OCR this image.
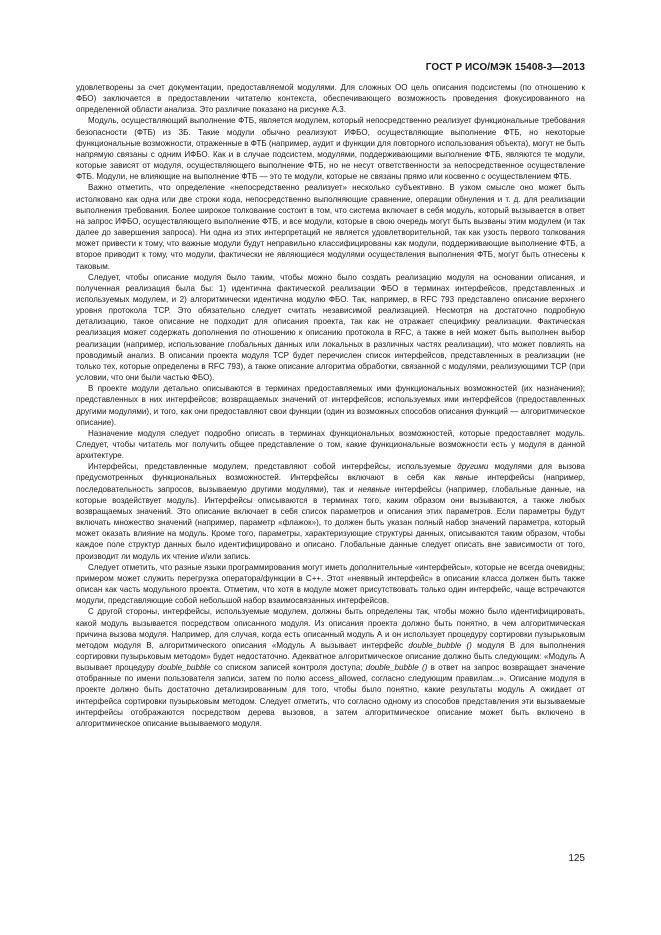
ГОСТ Р ИСО/МЭК 15408-3—2013

удовлетворены за счет документации, предоставляемой модулями. Для сложных ОО цель описания подсистемы (по отношению к ФБО) заключается в предоставлении читателю контекста, обеспечивающего возможность проведения фокусированного на определенной области анализа. Это различие показано на рисунке А.3.

Модуль, осуществляющий выполнение ФТБ, является модулем, который непосредственно реализует функциональные требования безопасности (ФТБ) из ЗБ. Такие модули обычно реализуют ИФБО, осуществляющие выполнение ФТБ, но некоторые функциональные возможности, отраженные в ФТБ (например, аудит и функции для повторного использования объекта), могут не быть напрямую связаны с одним ИФБО. Как и в случае подсистем, модулями, поддерживающими выполнение ФТБ, являются те модули, которые зависят от модуля, осуществляющего выполнение ФТБ, но не несут ответственности за непосредственное осуществление ФТБ. Модули, не влияющие на выполнение ФТБ — это те модули, которые не связаны прямо или косвенно с осуществлением ФТБ.

Важно отметить, что определение «непосредственно реализует» несколько субъективно. В узком смысле оно может быть истолковано как одна или две строки кода, непосредственно выполняющие сравнение, операции обнуления и т. д. для реализации выполнения требования. Более широкое толкование состоит в том, что система включает в себя модуль, который вызывается в ответ на запрос ИФБО, осуществляющего выполнение ФТБ, и все модули, которые в свою очередь могут быть вызваны этим модулем (и так далее до завершения запроса). Ни одна из этих интерпретаций не является удовлетворительной, так как узость первого толкования может привести к тому, что важные модули будут неправильно классифицированы как модули, поддерживающие выполнение ФТБ, а второе приводит к тому, что модули, фактически не являющиеся модулями осуществления выполнения ФТБ, могут быть отнесены к таковым.

Следует, чтобы описание модуля было таким, чтобы можно было создать реализацию модуля на основании описания, и полученная реализация была бы: 1) идентична фактической реализации ФБО в терминах интерфейсов, представленных и используемых модулем, и 2) алгоритмически идентична модулю ФБО. Так, например, в RFC 793 представлено описание верхнего уровня протокола TCP. Это обязательно следует считать независимой реализацией. Несмотря на достаточно подробную детализацию, такое описание не подходит для описания проекта, так как не отражает специфику реализации. Фактическая реализация может содержать дополнения по отношению к описанию протокола в RFC, а также в ней может быть выполнен выбор реализации (например, использование глобальных данных или локальных в различных частях реализации), что может повлиять на проводимый анализ. В описании проекта модуля TCP будет перечислен список интерфейсов, представленных в реализации (не только тех, которые определены в RFC 793), а также описание алгоритма обработки, связанной с модулями, реализующими TCP (при условии, что они были частью ФБО).

В проекте модули детально описываются в терминах предоставляемых ими функциональных возможностей (их назначения); представленных в них интерфейсов; возвращаемых значений от интерфейсов; используемых ими интерфейсов (предоставленных другими модулями), и того, как они предоставляют свои функции (один из возможных способов описания функций — алгоритмическое описание).

Назначение модуля следует подробно описать в терминах функциональных возможностей, которые предоставляет модуль. Следует, чтобы читатель мог получить общее представление о том, какие функциональные возможности есть у модуля в данной архитектуре.

Интерфейсы, представленные модулем, представляют собой интерфейсы, используемые другими модулями для вызова предусмотренных функциональных возможностей. Интерфейсы включают в себя как явные интерфейсы (например, последовательность запросов, вызываемую другими модулями), так и неявные интерфейсы (например, глобальные данные, на которые воздействует модуль). Интерфейсы описываются в терминах того, каким образом они вызываются, а также любых возвращаемых значений. Это описание включает в себя список параметров и описания этих параметров. Если параметры будут включать множество значений (например, параметр «флажок»), то должен быть указан полный набор значений параметра, который может оказать влияние на модуль. Кроме того, параметры, характеризующие структуры данных, описываются таким образом, чтобы каждое поле структур данных было идентифицировано и описано. Глобальные данные следует описать вне зависимости от того, производит ли модуль их чтение и/или запись.

Следует отметить, что разные языки программирования могут иметь дополнительные «интерфейсы», которые не всегда очевидны; примером может служить перегрузка оператора/функции в С++. Этот «неявный интерфейс» в описании класса должен быть также описан как часть модульного проекта. Отметим, что хотя в модуле может присутствовать только один интерфейс, чаще встречаются модули, представляющие собой небольшой набор взаимосвязанных интерфейсов.

С другой стороны, интерфейсы, используемые модулем, должны быть определены так, чтобы можно было идентифицировать, какой модуль вызывается посредством описанного модуля. Из описания проекта должно быть понятно, в чем алгоритмическая причина вызова модуля. Например, для случая, когда есть описанный модуль А и он использует процедуру сортировки пузырьковым методом модуля В, алгоритмического описания «Модуль А вызывает интерфейс double_bubble () модуля В для выполнения сортировки пузырьковым методом» будет недостаточно. Адекватное алгоритмическое описание должно быть следующим: «Модуль А вызывает процедуру double_bubble со списком записей контроля доступа; double_bubble () в ответ на запрос возвращает значение отобранные по имени пользователя записи, затем по полю access_allowed, согласно следующим правилам...». Описание модуля в проекте должно быть достаточно детализированным для того, чтобы было понятно, какие результаты модуль А ожидает от интерфейса сортировки пузырьковым методом. Следует отметить, что согласно одному из способов представления эти вызываемые интерфейсы отображаются посредством дерева вызовов, а затем алгоритмическое описание может быть включено в алгоритмическое описание вызываемого модуля.

125
